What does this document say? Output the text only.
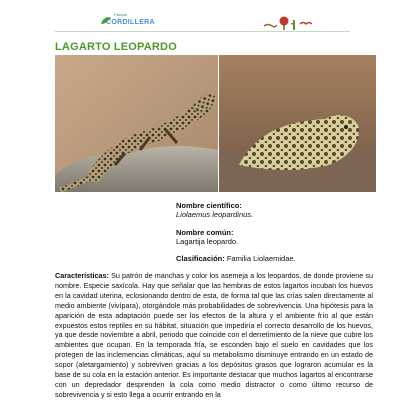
Parque
CORDILLERA
LAGARTO LEOPARDO
Nombre científico:
Liolaemus leopardinus.
Nombre común:
Lagartija leopardo.
Clasificación: Familia Liolaemidae.
Características: Su patrón de manchas y color los asemeja a los leopardos, de donde proviene su nombre. Especie saxícola. Hay que señalar que las hembras de estos lagartos incuban los huevos en la cavidad uterina, eclosionando dentro de esta, de forma tal que las crías salen directamente al medio ambiente (vivípara), otorgándole más probabilidades de sobrevivencia. Una hipótesis para la aparición de esta adaptación puede ser los efectos de la altura y el ambiente frío al que están expuestos estos reptiles en su hábitat, situación que impediría el correcto desarrollo de los huevos, ya que desde noviembre a abril, periodo que coincide con el derretimiento de la nieve que cubre los ambientes que ocupan. En la temporada fría, se esconden bajo el suelo en cavidades que los protegen de las inclemencias climáticas, aquí su metabolismo disminuye entrando en un estado de sopor (aletargamiento) y sobreviven gracias a los depósitos grasos que lograron acumular es la base de su cola en la estación anterior. Es importante destacar que muchos lagartos al encontrarse con un depredador desprenden la cola como medio distractor o como último recurso de sobrevivencia y si esto llega a ocurrir entrando en la
